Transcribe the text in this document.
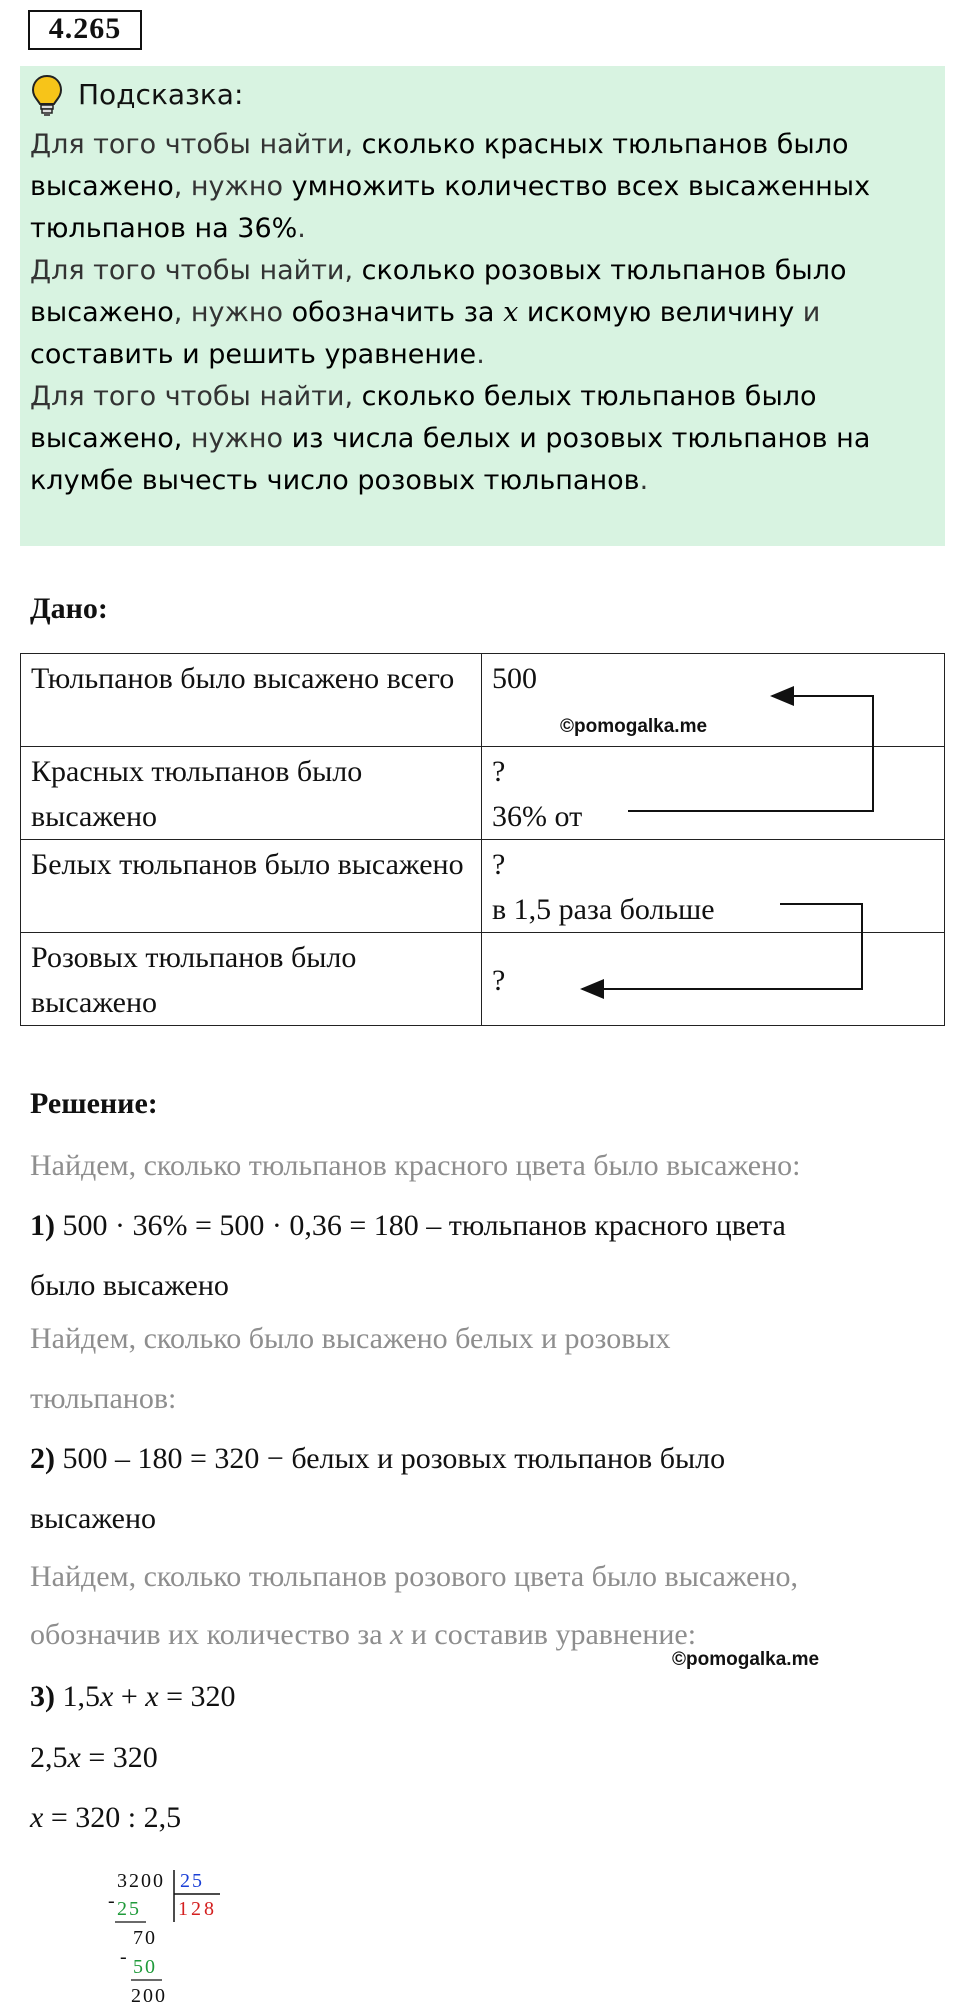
4.265
Подсказка:

Для того чтобы найти, сколько красных тюльпанов было высажено, нужно умножить количество всех высаженных тюльпанов на 36%.

Для того чтобы найти, сколько розовых тюльпанов было высажено, нужно обозначить за x искомую величину и составить и решить уравнение.

Для того чтобы найти, сколько белых тюльпанов было высажено, нужно из числа белых и розовых тюльпанов на клумбе вычесть число розовых тюльпанов.

Дано:
Тюльпанов было высажено всего	500

Красных тюльпанов было высажено	?
36% от

Белых тюльпанов было высажено	?
в 1,5 раза больше

Розовых тюльпанов было высажено	?
©pomogalka.me
Решение:
Найдем, сколько тюльпанов красного цвета было высажено:
1) 500 · 36% = 500 · 0,36 = 180 – тюльпанов красного цвета
было высажено
Найдем, сколько было высажено белых и розовых
тюльпанов:
2) 500 – 180 = 320 − белых и розовых тюльпанов было
высажено
Найдем, сколько тюльпанов розового цвета было высажено,
обозначив их количество за x и составив уравнение:
©pomogalka.me
3) 1,5x + x = 320
2,5x = 320
x = 320 : 2,5
3200 25
128
- 25
70
- 50
200
